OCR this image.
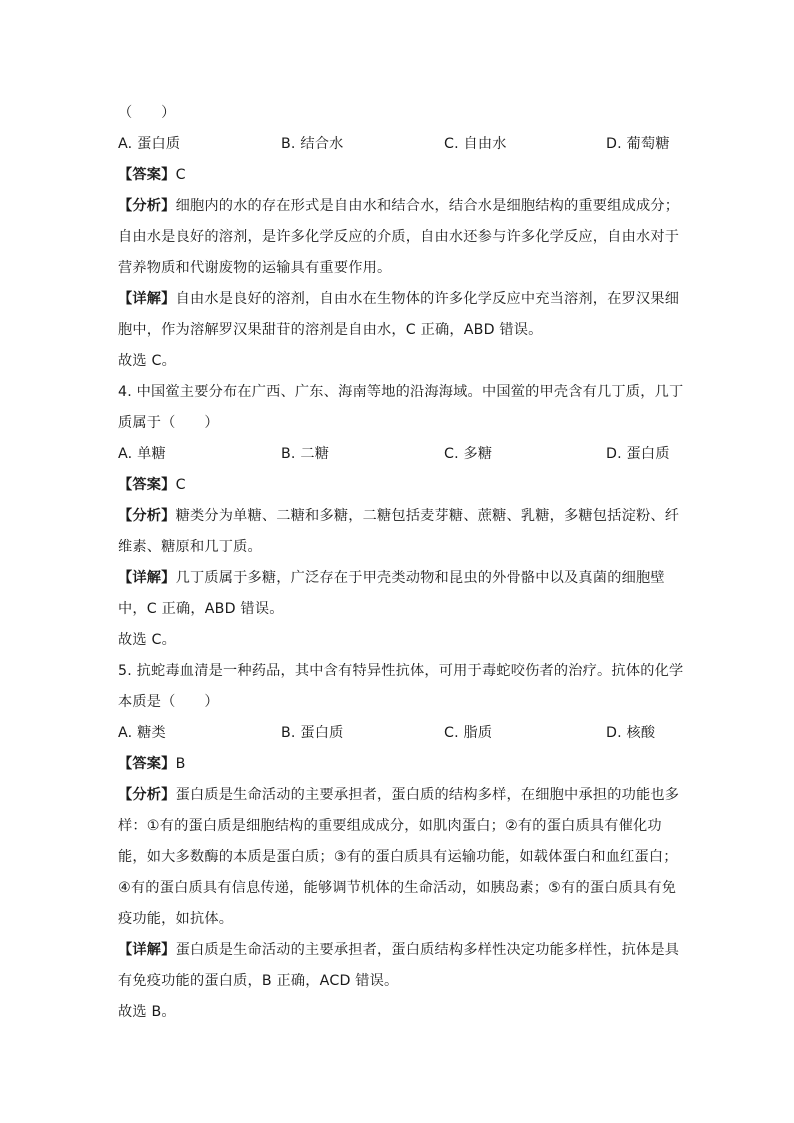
（　　）
A. 蛋白质	B. 结合水	C. 自由水	D. 葡萄糖
【答案】C
【分析】细胞内的水的存在形式是自由水和结合水，结合水是细胞结构的重要组成成分；
自由水是良好的溶剂，是许多化学反应的介质，自由水还参与许多化学反应，自由水对于
营养物质和代谢废物的运输具有重要作用。
【详解】自由水是良好的溶剂，自由水在生物体的许多化学反应中充当溶剂，在罗汉果细
胞中，作为溶解罗汉果甜苷的溶剂是自由水，C 正确，ABD 错误。
故选 C。
4. 中国鲎主要分布在广西、广东、海南等地的沿海海域。中国鲎的甲壳含有几丁质，几丁
质属于（　　）
A. 单糖	B. 二糖	C. 多糖	D. 蛋白质
【答案】C
【分析】糖类分为单糖、二糖和多糖，二糖包括麦芽糖、蔗糖、乳糖，多糖包括淀粉、纤
维素、糖原和几丁质。
【详解】几丁质属于多糖，广泛存在于甲壳类动物和昆虫的外骨骼中以及真菌的细胞壁
中，C 正确，ABD 错误。
故选 C。
5. 抗蛇毒血清是一种药品，其中含有特异性抗体，可用于毒蛇咬伤者的治疗。抗体的化学
本质是（　　）
A. 糖类	B. 蛋白质	C. 脂质	D. 核酸
【答案】B
【分析】蛋白质是生命活动的主要承担者，蛋白质的结构多样，在细胞中承担的功能也多
样：①有的蛋白质是细胞结构的重要组成成分，如肌肉蛋白；②有的蛋白质具有催化功
能，如大多数酶的本质是蛋白质；③有的蛋白质具有运输功能，如载体蛋白和血红蛋白；
④有的蛋白质具有信息传递，能够调节机体的生命活动，如胰岛素；⑤有的蛋白质具有免
疫功能，如抗体。
【详解】蛋白质是生命活动的主要承担者，蛋白质结构多样性决定功能多样性，抗体是具
有免疫功能的蛋白质，B 正确，ACD 错误。
故选 B。
